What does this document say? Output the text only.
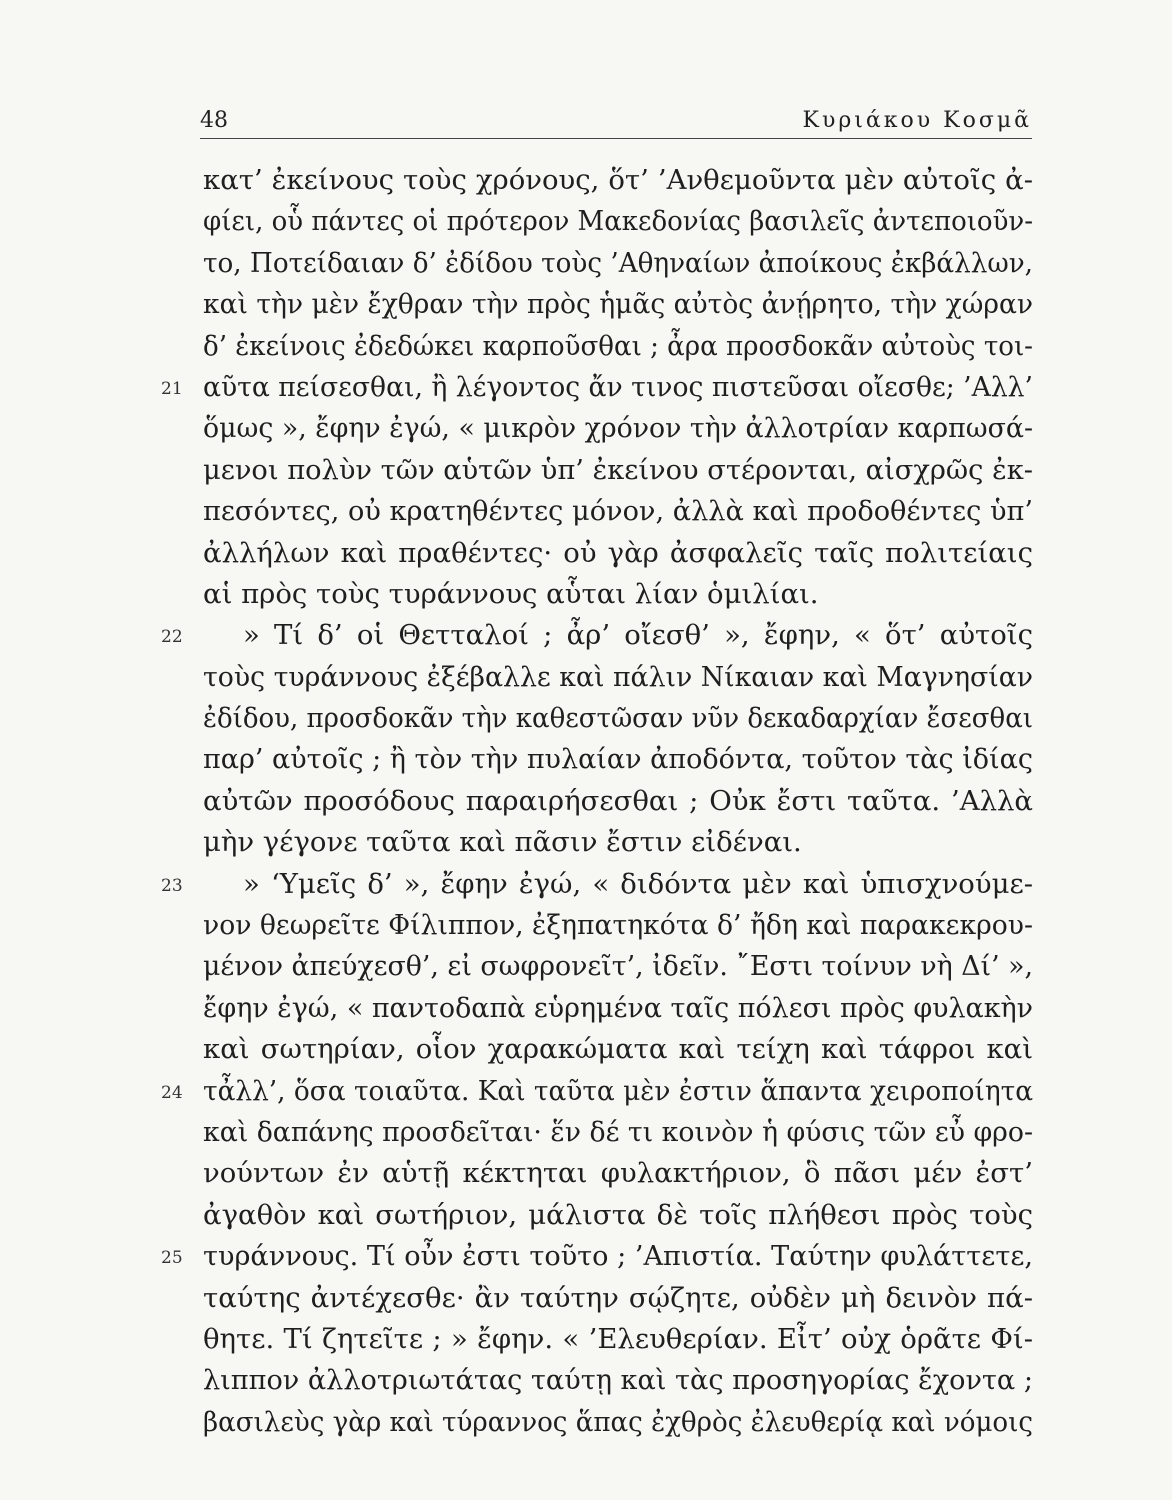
48	Κυριάκου Κοσμᾶ
κατ’ ἐκείνους τοὺς χρόνους, ὅτ’ ’Ανθεμοῦντα μὲν αὐτοῖς ἀ-
φίει, οὗ πάντες οἱ πρότερον Μακεδονίας βασιλεῖς ἀντεποιοῦν-
το, Ποτείδαιαν δ’ ἐδίδου τοὺς ’Αθηναίων ἀποίκους ἐκβάλλων,
καὶ τὴν μὲν ἔχθραν τὴν πρὸς ἡμᾶς αὐτὸς ἀνῄρητο, τὴν χώραν
δ’ ἐκείνοις ἐδεδώκει καρποῦσθαι ; ἆρα προσδοκᾶν αὐτοὺς τοι-
21 αῦτα πείσεσθαι, ἢ λέγοντος ἄν τινος πιστεῦσαι οἴεσθε; ’Αλλ’
ὅμως », ἔφην ἐγώ, « μικρὸν χρόνον τὴν ἀλλοτρίαν καρπωσά-
μενοι πολὺν τῶν αὑτῶν ὑπ’ ἐκείνου στέρονται, αἰσχρῶς ἐκ-
πεσόντες, οὐ κρατηθέντες μόνον, ἀλλὰ καὶ προδοθέντες ὑπ’
ἀλλήλων καὶ πραθέντες· οὐ γὰρ ἀσφαλεῖς ταῖς πολιτείαις
αἱ πρὸς τοὺς τυράννους αὗται λίαν ὁμιλίαι.
22 » Τί δ’ οἱ Θετταλοί ; ἆρ’ οἴεσθ’ », ἔφην, « ὅτ’ αὐτοῖς
τοὺς τυράννους ἐξέβαλλε καὶ πάλιν Νίκαιαν καὶ Μαγνησίαν
ἐδίδου, προσδοκᾶν τὴν καθεστῶσαν νῦν δεκαδαρχίαν ἔσεσθαι
παρ’ αὐτοῖς ; ἢ τὸν τὴν πυλαίαν ἀποδόντα, τοῦτον τὰς ἰδίας
αὐτῶν προσόδους παραιρήσεσθαι ; Οὐκ ἔστι ταῦτα. ’Αλλὰ
μὴν γέγονε ταῦτα καὶ πᾶσιν ἔστιν εἰδέναι.
23 » ‘Υμεῖς δ’ », ἔφην ἐγώ, « διδόντα μὲν καὶ ὑπισχνούμε-
νον θεωρεῖτε Φίλιππον, ἐξηπατηκότα δ’ ἤδη καὶ παρακεκρου-
μένον ἀπεύχεσθ’, εἰ σωφρονεῖτ’, ἰδεῖν. ῎Εστι τοίνυν νὴ Δί’ »,
ἔφην ἐγώ, « παντοδαπὰ εὑρημένα ταῖς πόλεσι πρὸς φυλακὴν
καὶ σωτηρίαν, οἷον χαρακώματα καὶ τείχη καὶ τάφροι καὶ
24 τἆλλ’, ὅσα τοιαῦτα. Καὶ ταῦτα μὲν ἐστιν ἅπαντα χειροποίητα
καὶ δαπάνης προσδεῖται· ἕν δέ τι κοινὸν ἡ φύσις τῶν εὖ φρο-
νούντων ἐν αὑτῇ κέκτηται φυλακτήριον, ὃ πᾶσι μέν ἐστ’
ἀγαθὸν καὶ σωτήριον, μάλιστα δὲ τοῖς πλήθεσι πρὸς τοὺς
25 τυράννους. Τί οὖν ἐστι τοῦτο ; ’Απιστία. Ταύτην φυλάττετε,
ταύτης ἀντέχεσθε· ἂν ταύτην σῴζητε, οὐδὲν μὴ δεινὸν πά-
θητε. Τί ζητεῖτε ; » ἔφην. « ’Ελευθερίαν. Εἶτ’ οὐχ ὁρᾶτε Φί-
λιππον ἀλλοτριωτάτας ταύτῃ καὶ τὰς προσηγορίας ἔχοντα ;
βασιλεὺς γὰρ καὶ τύραννος ἅπας ἐχθρὸς ἐλευθερίᾳ καὶ νόμοις
